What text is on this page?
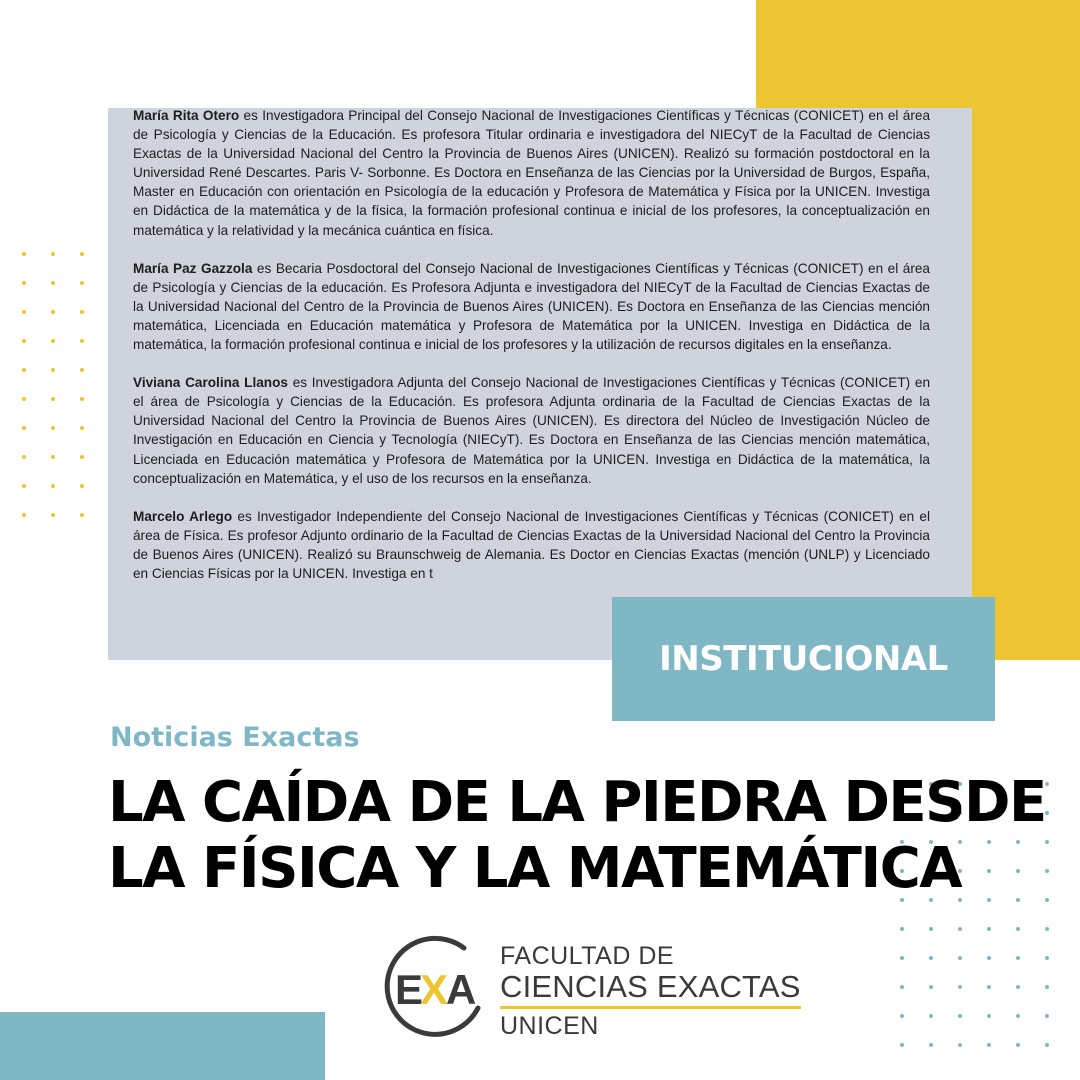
María Rita Otero es Investigadora Principal del Consejo Nacional de Investigaciones Científicas y Técnicas (CONICET) en el área de Psicología y Ciencias de la Educación. Es profesora Titular ordinaria e investigadora del NIECyT de la Facultad de Ciencias Exactas de la Universidad Nacional del Centro la Provincia de Buenos Aires (UNICEN). Realizó su formación postdoctoral en la Universidad René Descartes. Paris V- Sorbonne. Es Doctora en Enseñanza de las Ciencias por la Universidad de Burgos, España, Master en Educación con orientación en Psicología de la educación y Profesora de Matemática y Física por la UNICEN. Investiga en Didáctica de la matemática y de la física, la formación profesional continua e inicial de los profesores, la conceptualización en matemática y la relatividad y la mecánica cuántica en física.

María Paz Gazzola es Becaria Posdoctoral del Consejo Nacional de Investigaciones Científicas y Técnicas (CONICET) en el área de Psicología y Ciencias de la educación. Es Profesora Adjunta e investigadora del NIECyT de la Facultad de Ciencias Exactas de la Universidad Nacional del Centro de la Provincia de Buenos Aires (UNICEN). Es Doctora en Enseñanza de las Ciencias mención matemática, Licenciada en Educación matemática y Profesora de Matemática por la UNICEN. Investiga en Didáctica de la matemática, la formación profesional continua e inicial de los profesores y la utilización de recursos digitales en la enseñanza.

Viviana Carolina Llanos es Investigadora Adjunta del Consejo Nacional de Investigaciones Científicas y Técnicas (CONICET) en el área de Psicología y Ciencias de la Educación. Es profesora Adjunta ordinaria de la Facultad de Ciencias Exactas de la Universidad Nacional del Centro la Provincia de Buenos Aires (UNICEN). Es directora del Núcleo de Investigación Núcleo de Investigación en Educación en Ciencia y Tecnología (NIECyT). Es Doctora en Enseñanza de las Ciencias mención matemática, Licenciada en Educación matemática y Profesora de Matemática por la UNICEN. Investiga en Didáctica de la matemática, la conceptualización en Matemática, y el uso de los recursos en la enseñanza.

Marcelo Arlego es Investigador Independiente del Consejo Nacional de Investigaciones Científicas y Técnicas (CONICET) en el área de Física. Es profesor Adjunto ordinario de la Facultad de Ciencias Exactas de la Universidad Nacional del Centro la Provincia de Buenos Aires (UNICEN). Realizó su Braunschweig de Alemania. Es Doctor en Ciencias Exactas (mención (UNLP) y Licenciado en Ciencias Físicas por la UNICEN. Investiga en t

INSTITUCIONAL
Noticias Exactas
LA CAÍDA DE LA PIEDRA DESDE
LA FÍSICA Y LA MATEMÁTICA
E
X
A
FACULTAD DE
CIENCIAS EXACTAS
UNICEN
